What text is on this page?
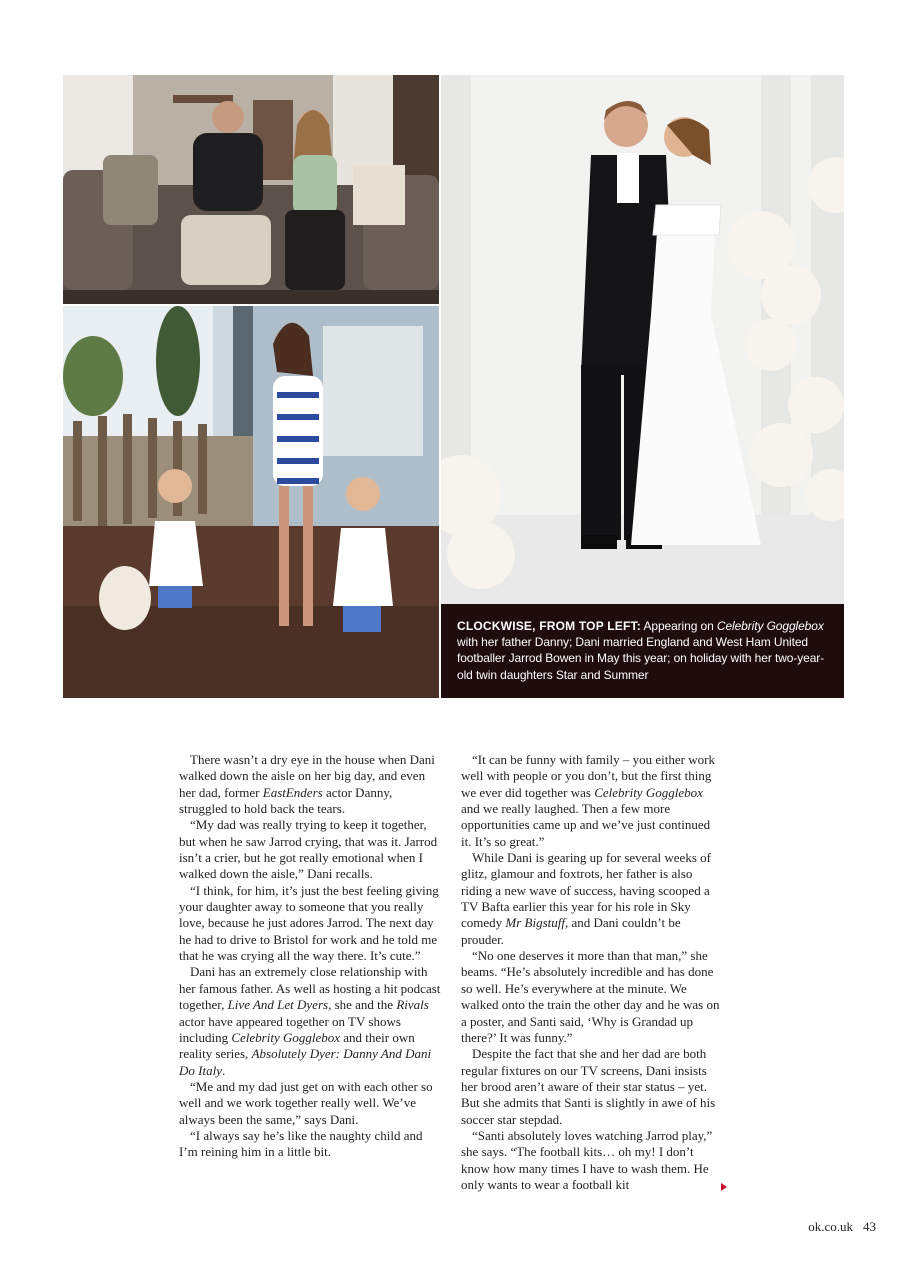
CLOCKWISE, FROM TOP LEFT: Appearing on Celebrity Gogglebox with her father Danny; Dani married England and West Ham United footballer Jarrod Bowen in May this year; on holiday with her two-year-old twin daughters Star and Summer

There wasn’t a dry eye in the house when Dani walked down the aisle on her big day, and even her dad, former EastEnders actor Danny, struggled to hold back the tears.

“My dad was really trying to keep it together, but when he saw Jarrod crying, that was it. Jarrod isn’t a crier, but he got really emotional when I walked down the aisle,” Dani recalls.

“I think, for him, it’s just the best feeling giving your daughter away to someone that you really love, because he just adores Jarrod. The next day he had to drive to Bristol for work and he told me that he was crying all the way there. It’s cute.”

Dani has an extremely close relationship with her famous father. As well as hosting a hit podcast together, Live And Let Dyers, she and the Rivals actor have appeared together on TV shows including Celebrity Gogglebox and their own reality series, Absolutely Dyer: Danny And Dani Do Italy.

“Me and my dad just get on with each other so well and we work together really well. We’ve always been the same,” says Dani.

“I always say he’s like the naughty child and I’m reining him in a little bit.

“It can be funny with family – you either work well with people or you don’t, but the first thing we ever did together was Celebrity Gogglebox and we really laughed. Then a few more opportunities came up and we’ve just continued it. It’s so great.”

While Dani is gearing up for several weeks of glitz, glamour and foxtrots, her father is also riding a new wave of success, having scooped a TV Bafta earlier this year for his role in Sky comedy Mr Bigstuff, and Dani couldn’t be prouder.

“No one deserves it more than that man,” she beams. “He’s absolutely incredible and has done so well. He’s everywhere at the minute. We walked onto the train the other day and he was on a poster, and Santi said, ‘Why is Grandad up there?’ It was funny.”

Despite the fact that she and her dad are both regular fixtures on our TV screens, Dani insists her brood aren’t aware of their star status – yet. But she admits that Santi is slightly in awe of his soccer star stepdad.

“Santi absolutely loves watching Jarrod play,” she says. “The football kits… oh my! I don’t know how many times I have to wash them. He only wants to wear a football kit

ok.co.uk 43
